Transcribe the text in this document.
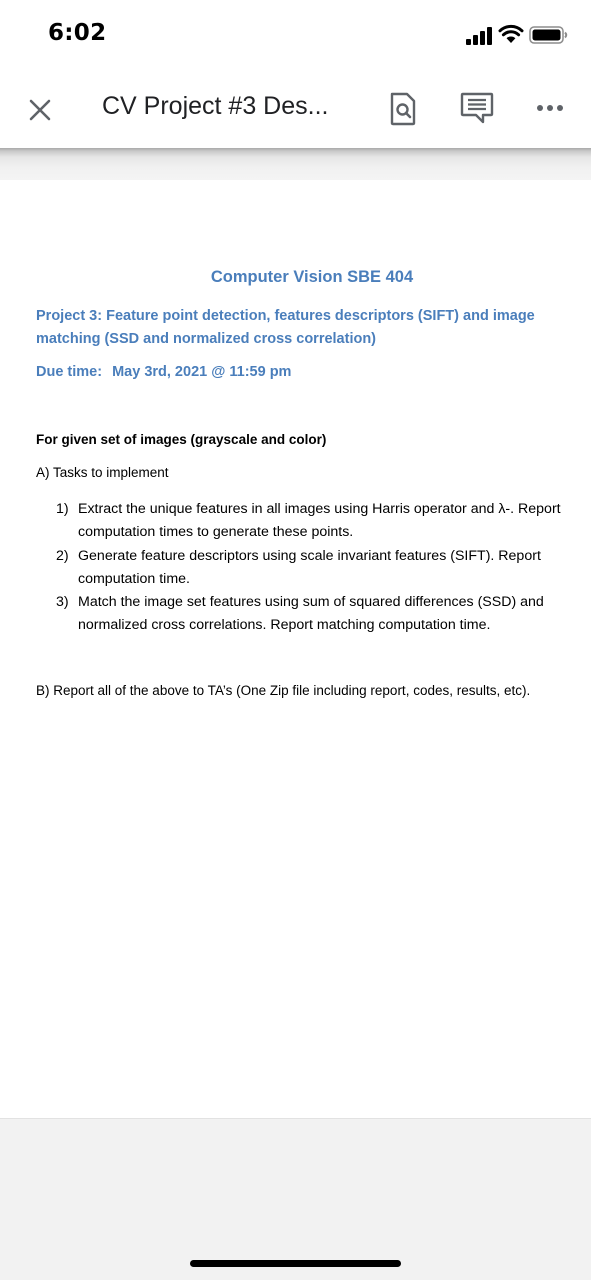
6:02
CV Project #3 Des...
Computer Vision SBE 404
Project 3: Feature point detection, features descriptors (SIFT) and image matching (SSD and normalized cross correlation)
Due time: May 3rd, 2021 @ 11:59 pm
For given set of images (grayscale and color)
A) Tasks to implement
1) Extract the unique features in all images using Harris operator and λ-. Report computation times to generate these points.
2) Generate feature descriptors using scale invariant features (SIFT). Report computation time.
3) Match the image set features using sum of squared differences (SSD) and normalized cross correlations. Report matching computation time.
B) Report all of the above to TA’s (One Zip file including report, codes, results, etc).
